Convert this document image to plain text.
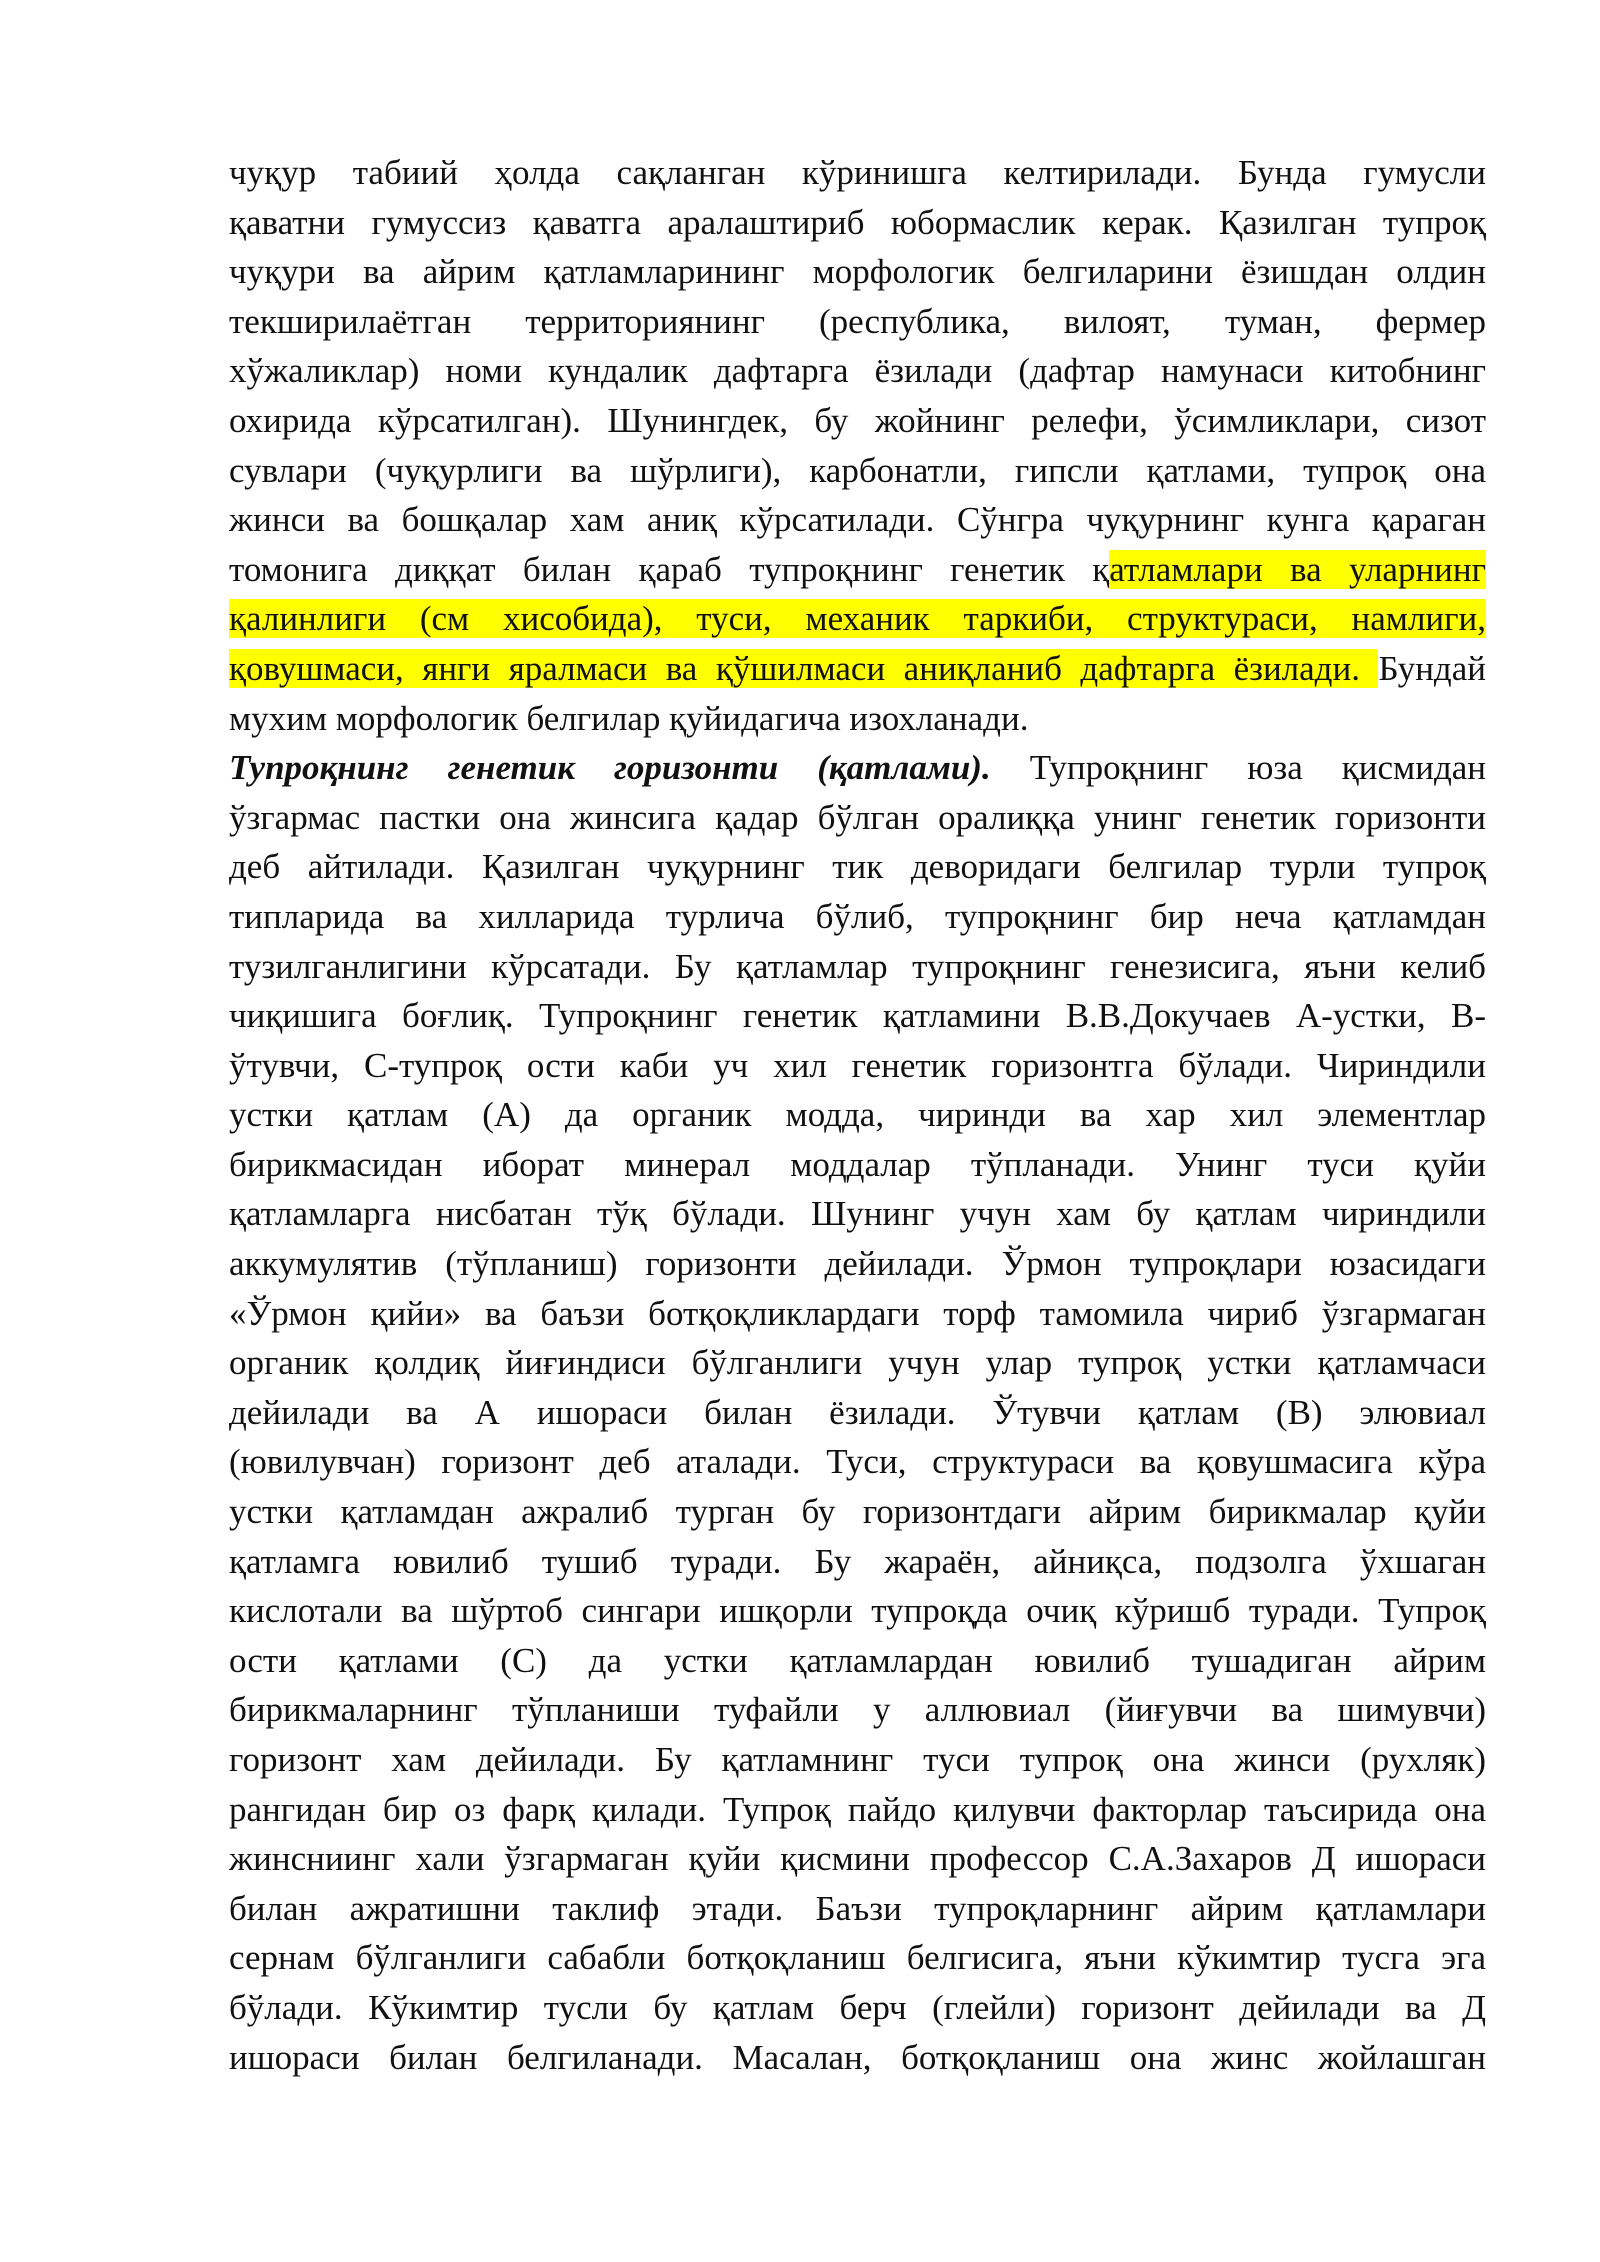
чуқур табиий ҳолда сақланган кўринишга келтирилади. Бунда гумусли
қаватни гумуссиз қаватга аралаштириб юбормаслик керак. Қазилган тупроқ
чуқури ва айрим қатламларининг морфологик белгиларини ёзишдан олдин
текширилаётган территориянинг (республика, вилоят, туман, фермер
хўжаликлар) номи кундалик дафтарга ёзилади (дафтар намунаси китобнинг
охирида кўрсатилган). Шунингдек, бу жойнинг релефи, ўсимликлари, сизот
сувлари (чуқурлиги ва шўрлиги), карбонатли, гипсли қатлами, тупроқ она
жинси ва бошқалар хам аниқ кўрсатилади. Сўнгра чуқурнинг кунга қараган
томонига диққат билан қараб тупроқнинг генетик қатламлари ва уларнинг
қалинлиги (см хисобида), туси, механик таркиби, структураси, намлиги,
қовушмаси, янги яралмаси ва қўшилмаси аниқланиб дафтарга ёзилади. Бундай
мухим морфологик белгилар қуйидагича изохланади.
Тупроқнинг генетик горизонти (қатлами). Тупроқнинг юза қисмидан
ўзгармас пастки она жинсига қадар бўлган оралиққа унинг генетик горизонти
деб айтилади. Қазилган чуқурнинг тик деворидаги белгилар турли тупроқ
типларида ва хилларида турлича бўлиб, тупроқнинг бир неча қатламдан
тузилганлигини кўрсатади. Бу қатламлар тупроқнинг генезисига, яъни келиб
чиқишига боғлиқ. Тупроқнинг генетик қатламини В.В.Докучаев А-устки, В-
ўтувчи, С-тупроқ ости каби уч хил генетик горизонтга бўлади. Чириндили
устки қатлам (А) да органик модда, чиринди ва хар хил элементлар
бирикмасидан иборат минерал моддалар тўпланади. Унинг туси қуйи
қатламларга нисбатан тўқ бўлади. Шунинг учун хам бу қатлам чириндили
аккумулятив (тўпланиш) горизонти дейилади. Ўрмон тупроқлари юзасидаги
«Ўрмон қийи» ва баъзи ботқоқликлардаги торф тамомила чириб ўзгармаган
органик қолдиқ йиғиндиси бўлганлиги учун улар тупроқ устки қатламчаси
дейилади ва А ишораси билан ёзилади. Ўтувчи қатлам (В) элювиал
(ювилувчан) горизонт деб аталади. Туси, структураси ва қовушмасига кўра
устки қатламдан ажралиб турган бу горизонтдаги айрим бирикмалар қуйи
қатламга ювилиб тушиб туради. Бу жараён, айниқса, подзолга ўхшаган
кислотали ва шўртоб сингари ишқорли тупроқда очиқ кўришб туради. Тупроқ
ости қатлами (С) да устки қатламлардан ювилиб тушадиган айрим
бирикмаларнинг тўпланиши туфайли у аллювиал (йиғувчи ва шимувчи)
горизонт хам дейилади. Бу қатламнинг туси тупроқ она жинси (рухляк)
рангидан бир оз фарқ қилади. Тупроқ пайдо қилувчи факторлар таъсирида она
жинсниинг хали ўзгармаган қуйи қисмини профессор С.А.Захаров Д ишораси
билан ажратишни таклиф этади. Баъзи тупроқларнинг айрим қатламлари
сернам бўлганлиги сабабли ботқоқланиш белгисига, яъни кўкимтир тусга эга
бўлади. Кўкимтир тусли бу қатлам берч (глейли) горизонт дейилади ва Д
ишораси билан белгиланади. Масалан, ботқоқланиш она жинс жойлашган
